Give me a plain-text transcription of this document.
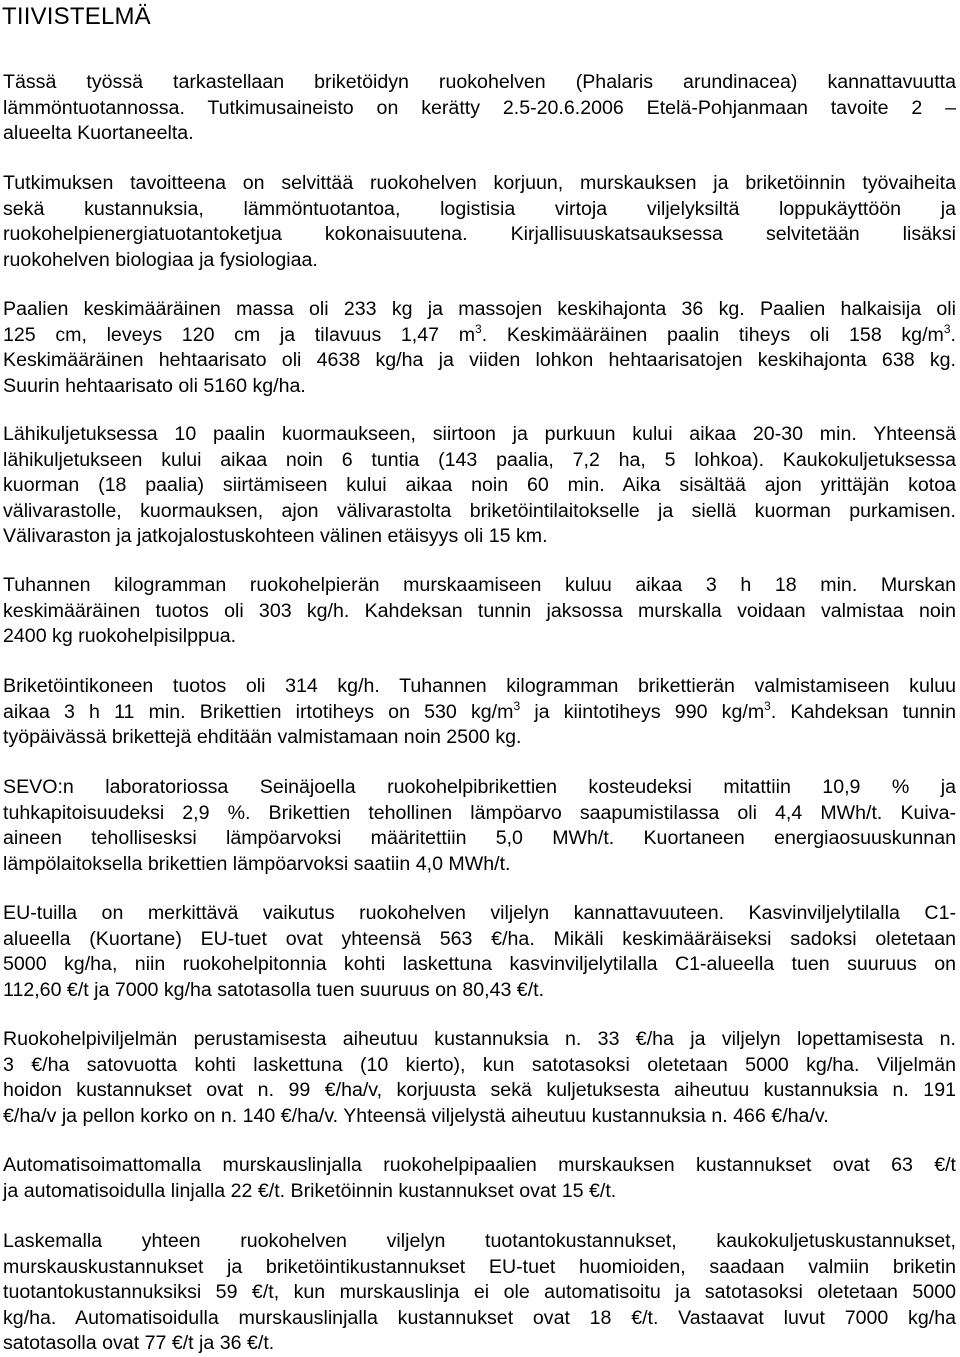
TIIVISTELMÄ

Tässä työssä tarkastellaan briketöidyn ruokohelven (Phalaris arundinacea) kannattavuutta
lämmöntuotannossa. Tutkimusaineisto on kerätty 2.5-20.6.2006 Etelä-Pohjanmaan tavoite 2 –
alueelta Kuortaneelta.

Tutkimuksen tavoitteena on selvittää ruokohelven korjuun, murskauksen ja briketöinnin työvaiheita
sekä kustannuksia, lämmöntuotantoa, logistisia virtoja viljelyksiltä loppukäyttöön ja
ruokohelpienergiatuotantoketjua kokonaisuutena. Kirjallisuuskatsauksessa selvitetään lisäksi
ruokohelven biologiaa ja fysiologiaa.

Paalien keskimääräinen massa oli 233 kg ja massojen keskihajonta 36 kg. Paalien halkaisija oli
125 cm, leveys 120 cm ja tilavuus 1,47 $m^3$. Keskimääräinen paalin tiheys oli 158 $kg/m^3$.
Keskimääräinen hehtaarisato oli 4638 kg/ha ja viiden lohkon hehtaarisatojen keskihajonta 638 kg.
Suurin hehtaarisato oli 5160 kg/ha.

Lähikuljetuksessa 10 paalin kuormaukseen, siirtoon ja purkuun kului aikaa 20-30 min. Yhteensä
lähikuljetukseen kului aikaa noin 6 tuntia (143 paalia, 7,2 ha, 5 lohkoa). Kaukokuljetuksessa
kuorman (18 paalia) siirtämiseen kului aikaa noin 60 min. Aika sisältää ajon yrittäjän kotoa
välivarastolle, kuormauksen, ajon välivarastolta briketöintilaitokselle ja siellä kuorman purkamisen.
Välivaraston ja jatkojalostuskohteen välinen etäisyys oli 15 km.

Tuhannen kilogramman ruokohelpierän murskaamiseen kuluu aikaa 3 h 18 min. Murskan
keskimääräinen tuotos oli 303 kg/h. Kahdeksan tunnin jaksossa murskalla voidaan valmistaa noin
2400 kg ruokohelpisilppua.

Briketöintikoneen tuotos oli 314 kg/h. Tuhannen kilogramman brikettierän valmistamiseen kuluu
aikaa 3 h 11 min. Brikettien irtotiheys on 530 $kg/m^3$ ja kiintotiheys 990 $kg/m^3$. Kahdeksan tunnin
työpäivässä brikettejä ehditään valmistamaan noin 2500 kg.

SEVO:n laboratoriossa Seinäjoella ruokohelpibrikettien kosteudeksi mitattiin 10,9 % ja
tuhkapitoisuudeksi 2,9 %. Brikettien tehollinen lämpöarvo saapumistilassa oli 4,4 MWh/t. Kuiva-
aineen tehollisesksi lämpöarvoksi määritettiin 5,0 MWh/t. Kuortaneen energiaosuuskunnan
lämpölaitoksella brikettien lämpöarvoksi saatiin 4,0 MWh/t.

EU-tuilla on merkittävä vaikutus ruokohelven viljelyn kannattavuuteen. Kasvinviljelytilalla C1-
alueella (Kuortane) EU-tuet ovat yhteensä 563 €/ha. Mikäli keskimääräiseksi sadoksi oletetaan
5000 kg/ha, niin ruokohelpitonnia kohti laskettuna kasvinviljelytilalla C1-alueella tuen suuruus on
112,60 €/t ja 7000 kg/ha satotasolla tuen suuruus on 80,43 €/t.

Ruokohelpiviljelmän perustamisesta aiheutuu kustannuksia n. 33 €/ha ja viljelyn lopettamisesta n.
3 €/ha satovuotta kohti laskettuna (10 kierto), kun satotasoksi oletetaan 5000 kg/ha. Viljelmän
hoidon kustannukset ovat n. 99 €/ha/v, korjuusta sekä kuljetuksesta aiheutuu kustannuksia n. 191
€/ha/v ja pellon korko on n. 140 €/ha/v. Yhteensä viljelystä aiheutuu kustannuksia n. 466 €/ha/v.

Automatisoimattomalla murskauslinjalla ruokohelpipaalien murskauksen kustannukset ovat 63 €/t
ja automatisoidulla linjalla 22 €/t. Briketöinnin kustannukset ovat 15 €/t.

Laskemalla yhteen ruokohelven viljelyn tuotantokustannukset, kaukokuljetuskustannukset,
murskauskustannukset ja briketöintikustannukset EU-tuet huomioiden, saadaan valmiin briketin
tuotantokustannuksiksi 59 €/t, kun murskauslinja ei ole automatisoitu ja satotasoksi oletetaan 5000
kg/ha. Automatisoidulla murskauslinjalla kustannukset ovat 18 €/t. Vastaavat luvut 7000 kg/ha
satotasolla ovat 77 €/t ja 36 €/t.
